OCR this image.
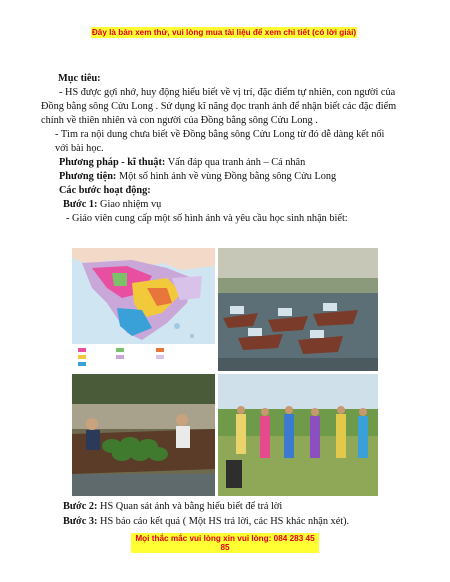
Đây là bản xem thử, vui lòng mua tài liệu để xem chi tiết (có lời giải)

Mục tiêu:

- HS được gợi nhớ, huy động hiểu biết về vị trí, đặc điểm tự nhiên, con người của Đồng bằng sông Cửu Long . Sử dụng kĩ năng đọc tranh ảnh để nhận biết các đặc điểm chính về thiên nhiên và con người của Đồng bằng sông Cửu Long .

- Tìm ra nội dung chưa biết về Đồng bằng sông Cửu Long từ đó dễ dàng kết nối với bài học.

Phương pháp - kĩ thuật: Vấn đáp qua tranh ảnh – Cá nhân

Phương tiện: Một số hình ảnh về vùng Đồng bằng sông Cửu Long

Các bước hoạt động:

Bước 1: Giao nhiệm vụ

- Giáo viên cung cấp một số hình ảnh và yêu cầu học sinh nhận biết:

Bước 2: HS Quan sát ảnh và bằng hiểu biết để trả lời

Bước 3: HS báo cáo kết quả ( Một HS trả lời, các HS khác nhận xét).

Mọi thắc mắc vui lòng xin vui lòng: 084 283 45 85
